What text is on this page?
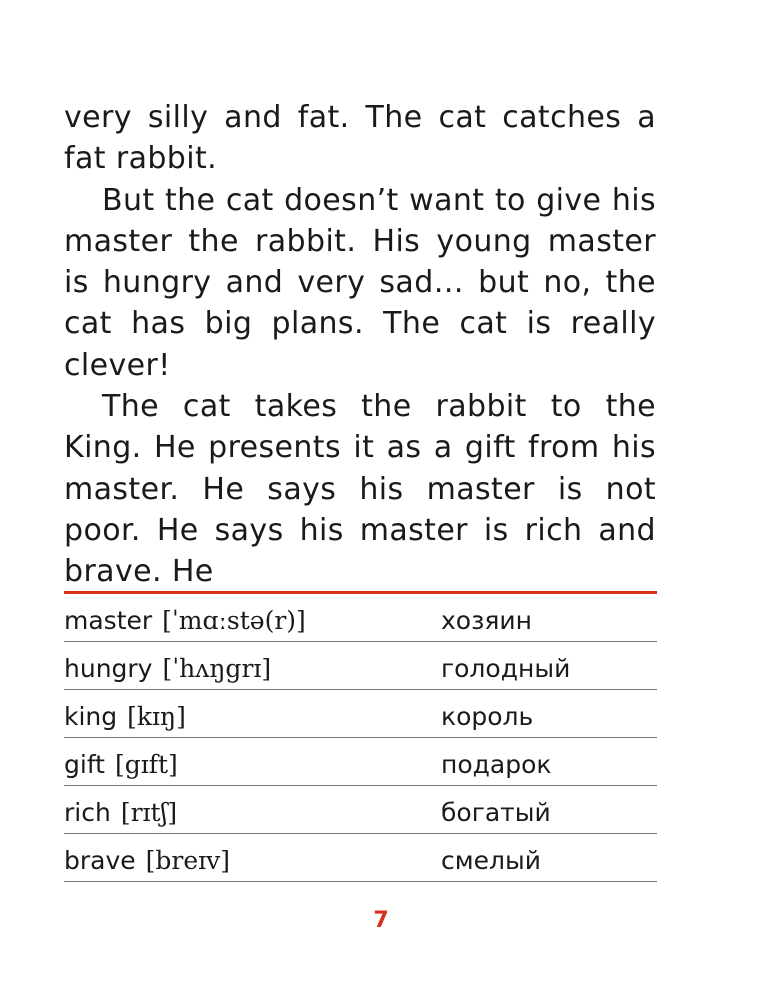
very silly and fat. The cat catches a fat rabbit.

But the cat doesn’t want to give his master the rabbit. His young master is hungry and very sad… but no, the cat has big plans. The cat is really clever!

The cat takes the rabbit to the King. He presents it as a gift from his master. He says his master is not poor. He says his master is rich and brave. He

master [ˈmɑːstə(r)]	хозяин
hungry [ˈhʌŋgrɪ]	голодный
king [kɪŋ]	король
gift [gɪft]	подарок
rich [rɪtʃ]	богатый
brave [breɪv]	смелый
7
